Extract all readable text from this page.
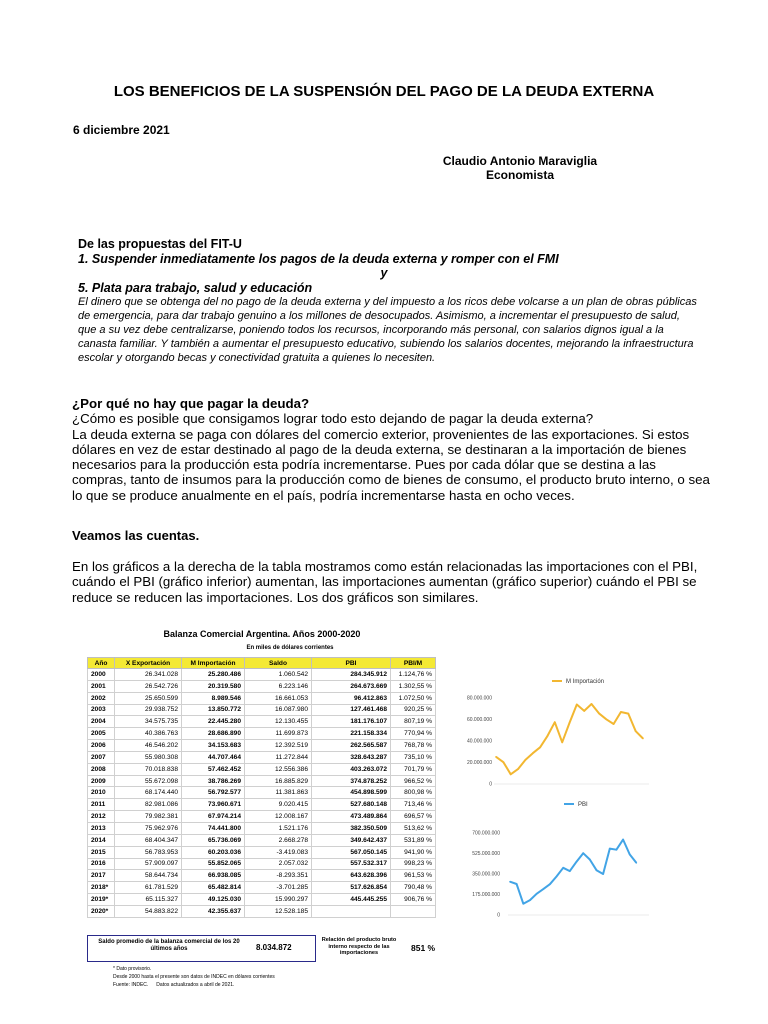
LOS BENEFICIOS DE LA SUSPENSIÓN DEL PAGO DE LA DEUDA EXTERNA
6 diciembre 2021
Claudio Antonio Maraviglia
Economista
De las propuestas del FIT-U
1. Suspender inmediatamente los pagos de la deuda externa y romper con el FMI
y
5. Plata para trabajo, salud y educación
El dinero que se obtenga del no pago de la deuda externa y del impuesto a los ricos debe volcarse a un plan de obras públicas de emergencia, para dar trabajo genuino a los millones de desocupados. Asimismo, a incrementar el presupuesto de salud, que a su vez debe centralizarse, poniendo todos los recursos, incorporando más personal, con salarios dignos igual a la canasta familiar. Y también a aumentar el presupuesto educativo, subiendo los salarios docentes, mejorando la infraestructura escolar y otorgando becas y conectividad gratuita a quienes lo necesiten.
¿Por qué no hay que pagar la deuda?
¿Cómo es posible que consigamos lograr todo esto dejando de pagar la deuda externa?
La deuda externa se paga con dólares del comercio exterior, provenientes de las exportaciones. Si estos dólares en vez de estar destinado al pago de la deuda externa, se destinaran a la importación de bienes necesarios para la producción esta podría incrementarse. Pues por cada dólar que se destina a las compras, tanto de insumos para la producción como de bienes de consumo, el producto bruto interno, o sea lo que se produce anualmente en el país, podría incrementarse hasta en ocho veces.
Veamos las cuentas.
En los gráficos a la derecha de la tabla mostramos como están relacionadas las importaciones con el PBI, cuándo el PBI (gráfico inferior) aumentan, las importaciones aumentan (gráfico superior) cuándo el PBI se reduce se reducen las importaciones. Los dos gráficos son similares.
Balanza Comercial Argentina. Años 2000-2020
En miles de dólares corrientes
Año	X Exportación	M Importación	Saldo	PBI	PBI/M
2000	26.341.028	25.280.486	1.060.542	284.345.912	1.124,76 %
2001	26.542.726	20.319.580	6.223.146	264.673.669	1.302,55 %
2002	25.650.599	8.989.546	16.661.053	96.412.863	1.072,50 %
2003	29.938.752	13.850.772	16.087.980	127.461.468	920,25 %
2004	34.575.735	22.445.280	12.130.455	181.176.107	807,19 %
2005	40.386.763	28.686.890	11.699.873	221.158.334	770,94 %
2006	46.546.202	34.153.683	12.392.519	262.565.587	768,78 %
2007	55.980.308	44.707.464	11.272.844	328.643.287	735,10 %
2008	70.018.838	57.462.452	12.556.386	403.263.072	701,79 %
2009	55.672.098	38.786.269	16.885.829	374.878.252	966,52 %
2010	68.174.440	56.792.577	11.381.863	454.898.599	800,98 %
2011	82.981.086	73.960.671	9.020.415	527.680.148	713,46 %
2012	79.982.381	67.974.214	12.008.167	473.489.864	696,57 %
2013	75.962.976	74.441.800	1.521.176	382.350.509	513,62 %
2014	68.404.347	65.736.069	2.668.278	349.642.437	531,89 %
2015	56.783.953	60.203.036	-3.419.083	567.050.145	941,90 %
2016	57.909.097	55.852.065	2.057.032	557.532.317	998,23 %
2017	58.644.734	66.938.085	-8.293.351	643.628.396	961,53 %
2018*	61.781.529	65.482.814	-3.701.285	517.626.854	790,48 %
2019*	65.115.327	49.125.030	15.990.297	445.445.255	906,76 %
2020*	54.883.822	42.355.637	12.528.185		
Saldo promedio de la balanza comercial de los 20 últimos años	8.034.872
Relación del producto bruto interno respecto de las importaciones
851 %
* Dato provisorio.
Desde 2000 hasta el presente son datos de INDEC en dólares corrientes
Fuente: INDEC. Datos actualizados a abril de 2021.
M Importación
0
20.000.000
40.000.000
60.000.000
80.000.000
PBI
0
175.000.000
350.000.000
525.000.000
700.000.000
